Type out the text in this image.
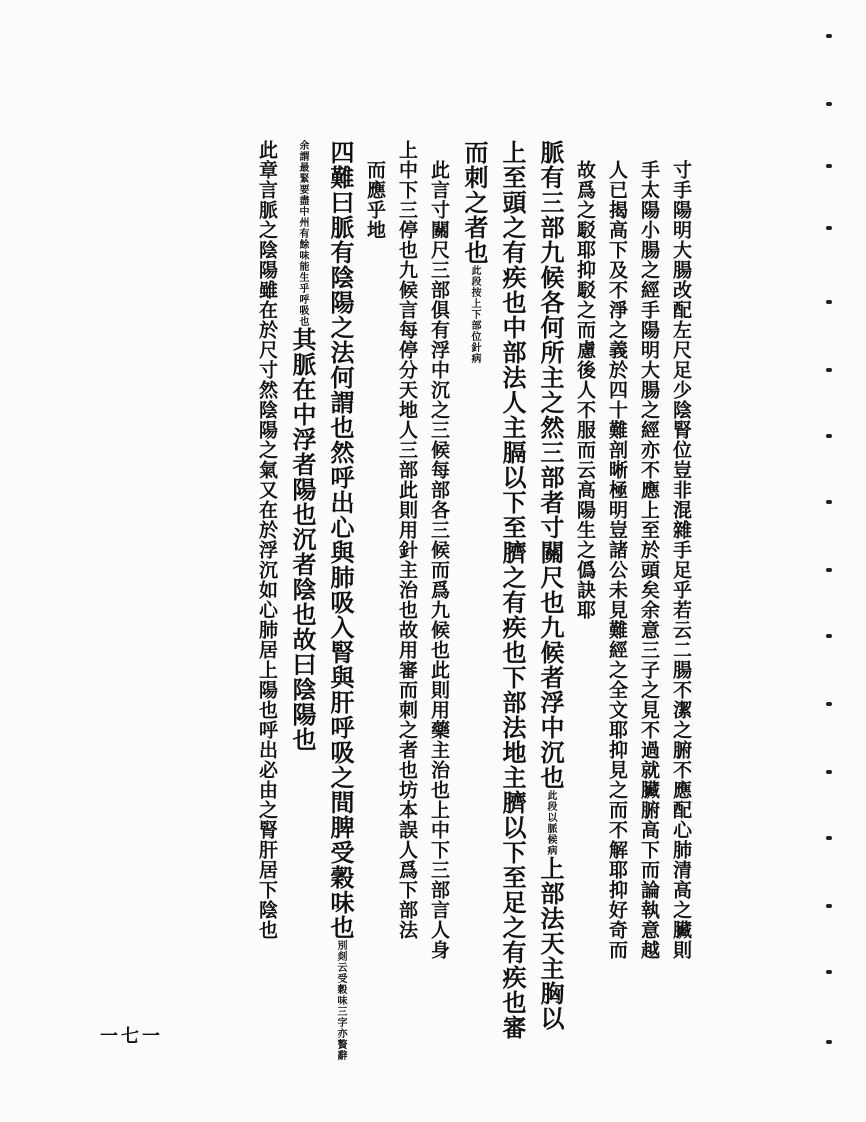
寸手陽明大腸改配左尺足少陰腎位豈非混雜手足乎若云二腸不潔之腑不應配心肺清高之臟則
手太陽小腸之經手陽明大腸之經亦不應上至於頭矣余意三子之見不過就臟腑高下而論執意越
人已揭高下及不淨之義於四十難剖晰極明豈諸公未見難經之全文耶抑見之而不解耶抑好奇而
故爲之駁耶抑駁之而慮後人不服而云高陽生之僞訣耶
脈有三部九候各何所主之然三部者寸關尺也九候者浮中沉也此段以脈候病上部法天主胸以
上至頭之有疾也中部法人主膈以下至臍之有疾也下部法地主臍以下至足之有疾也審
而刺之者也此段按上下部位針病
此言寸關尺三部俱有浮中沉之三候每部各三候而爲九候也此則用藥主治也上中下三部言人身
上中下三停也九候言每停分天地人三部此則用針主治也故用審而刺之者也坊本誤人爲下部法
而應乎地
四難曰脈有陰陽之法何謂也然呼出心與肺吸入腎與肝呼吸之間脾受穀味也別剡云受穀味三字亦贅辭
余謂最緊要盡中州有餘味能生乎呼吸也其脈在中浮者陽也沉者陰也故曰陰陽也
此章言脈之陰陽雖在於尺寸然陰陽之氣又在於浮沉如心肺居上陽也呼出必由之腎肝居下陰也
一七一
